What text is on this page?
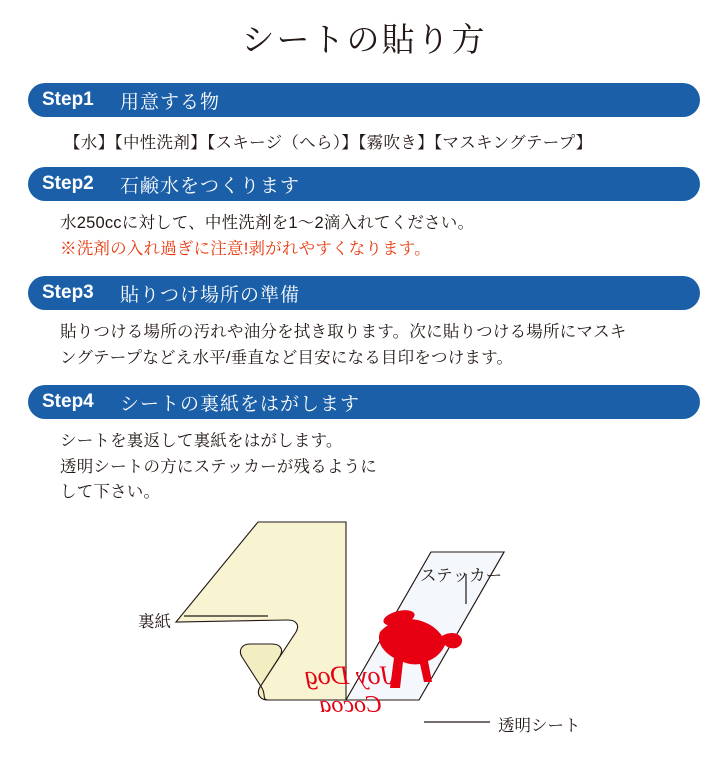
シートの貼り方
Step1	用意する物
【水】【中性洗剤】【スキージ（へら）】【霧吹き】【マスキングテープ】
Step2	石鹸水をつくります
水250ccに対して、中性洗剤を1〜2滴入れてください。
※洗剤の入れ過ぎに注意!剥がれやすくなります。
Step3	貼りつけ場所の準備
貼りつける場所の汚れや油分を拭き取ります。次に貼りつける場所にマスキ
ングテープなどえ水平/垂直など目安になる目印をつけます。
Step4	シートの裏紙をはがします
シートを裏返して裏紙をはがします。
透明シートの方にステッカーが残るように
して下さい。
Joy Dog
Cocoa
裏紙
ステッカー
透明シート
